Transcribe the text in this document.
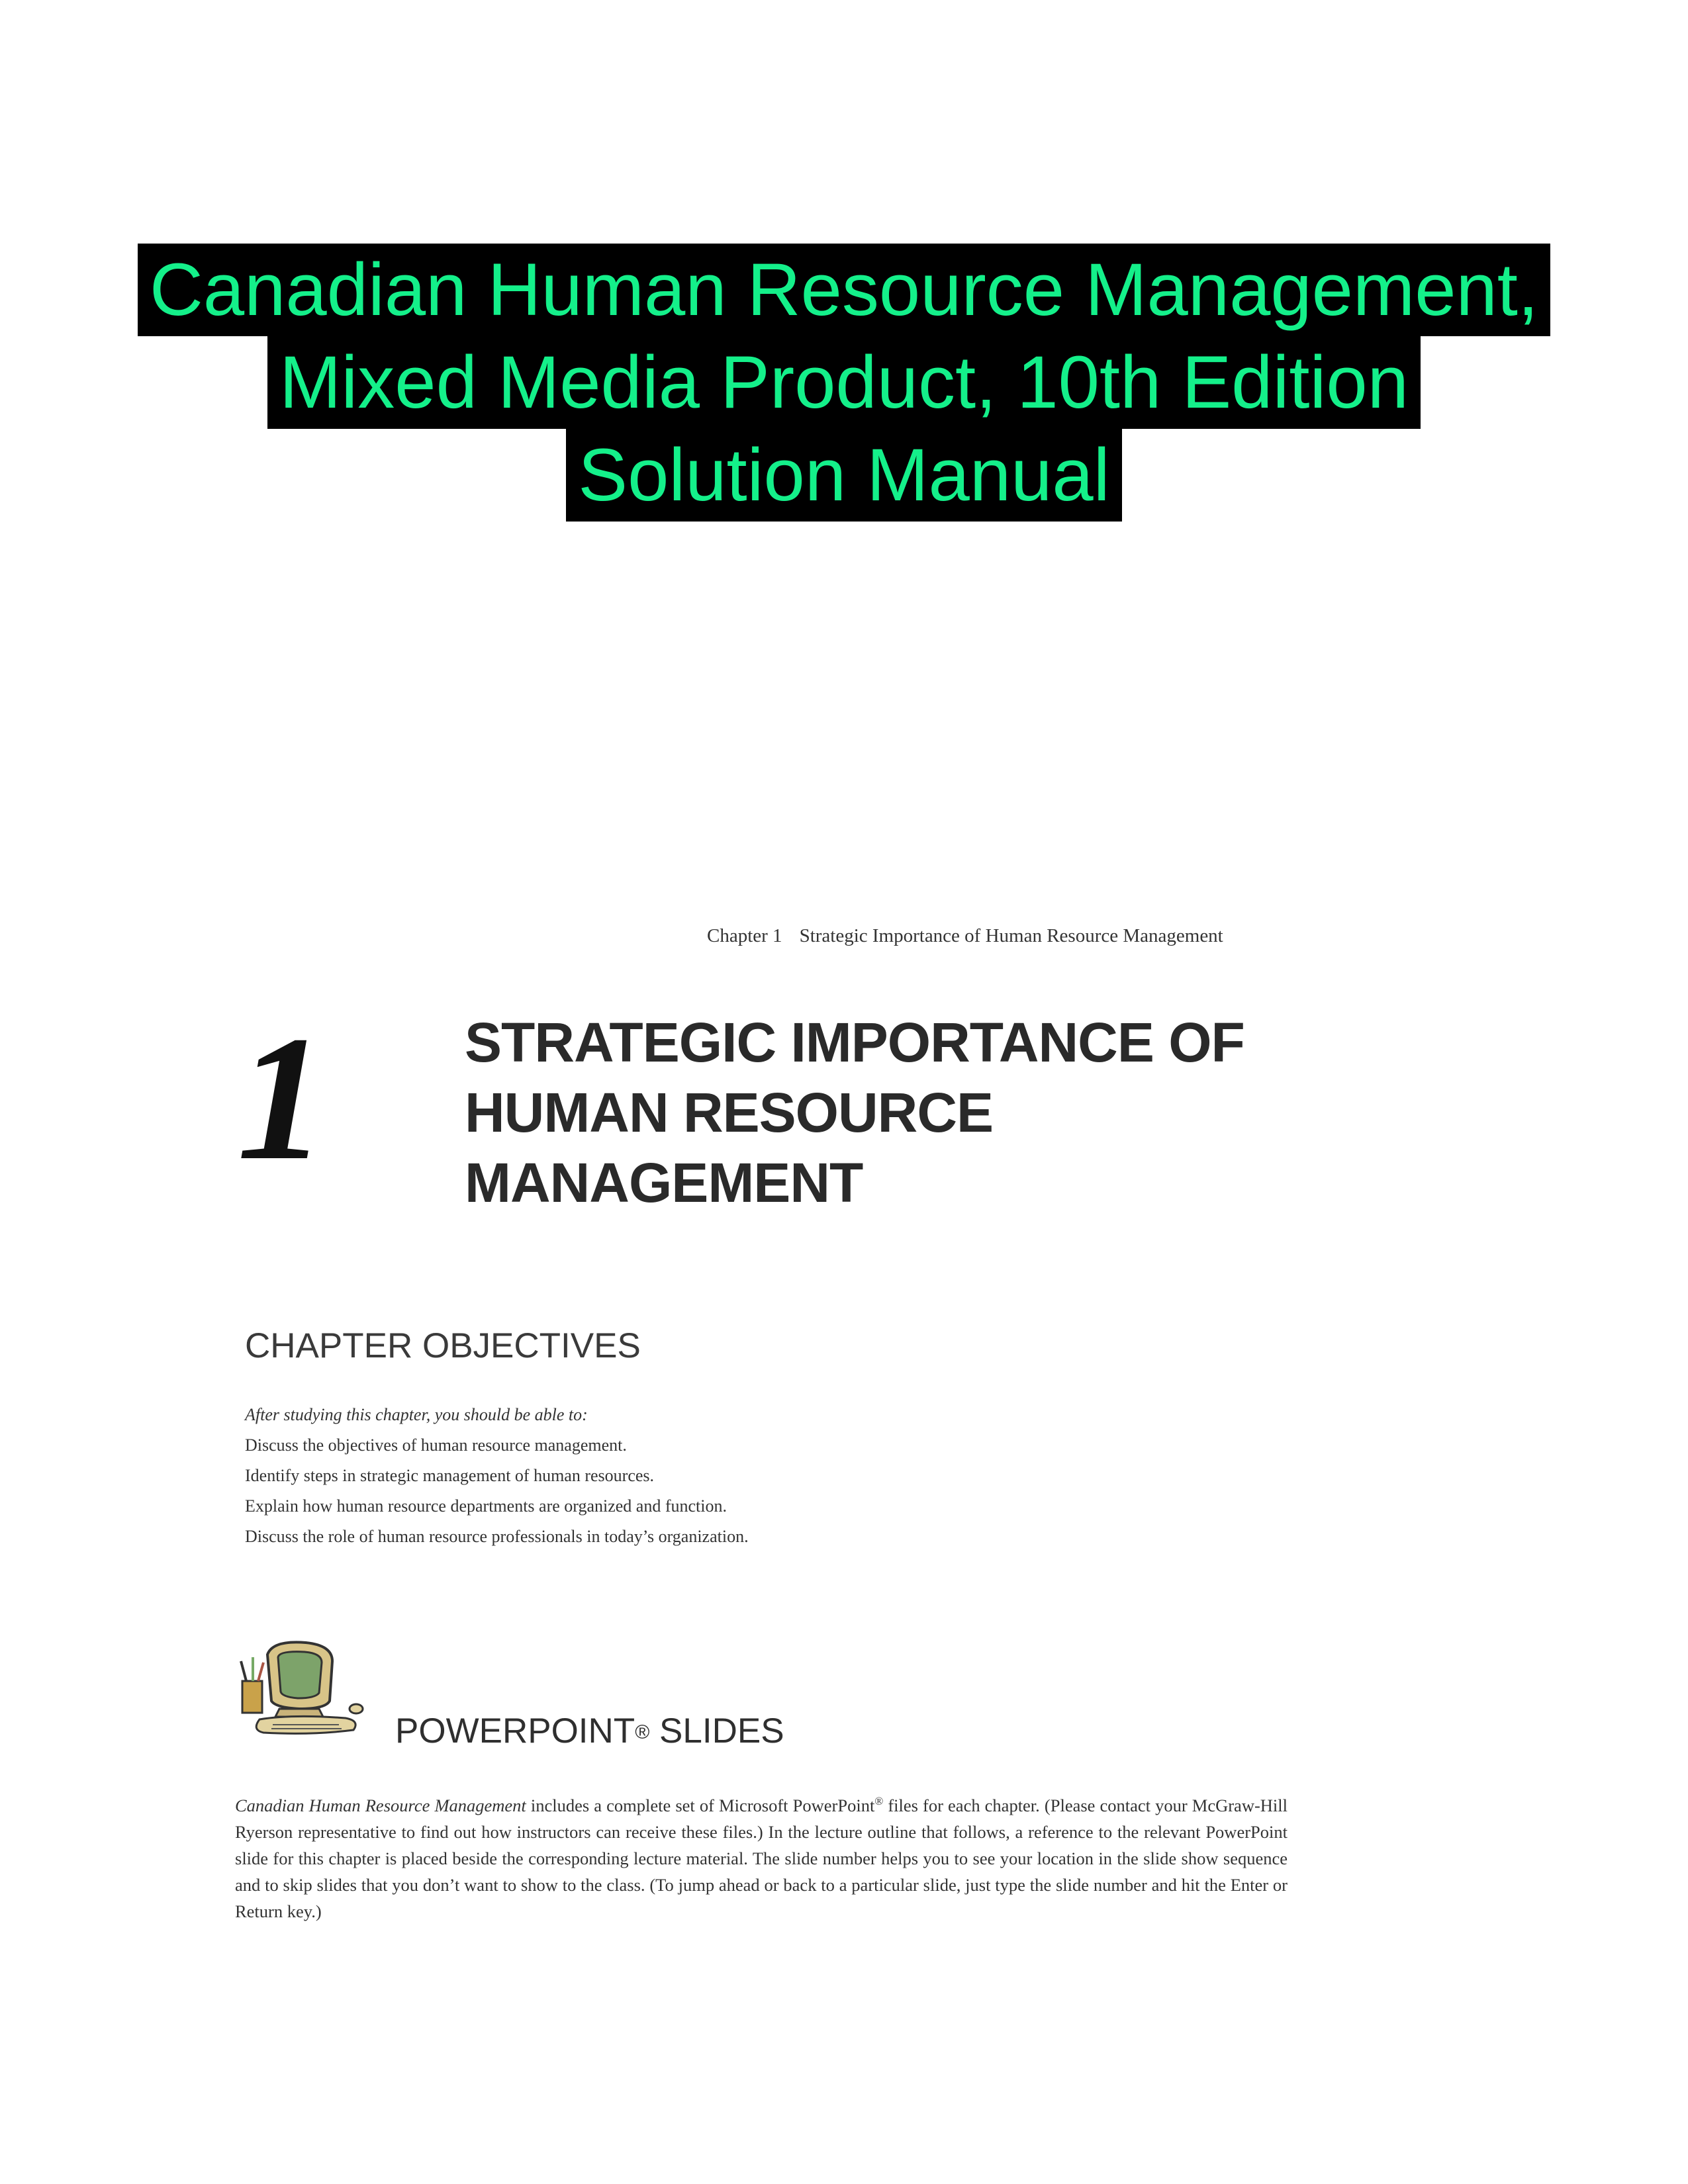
Canadian Human Resource Management,
Mixed Media Product, 10th Edition
Solution Manual
Chapter 1 Strategic Importance of Human Resource Management
1 STRATEGIC IMPORTANCE OF
HUMAN RESOURCE
MANAGEMENT
CHAPTER OBJECTIVES
After studying this chapter, you should be able to:
Discuss the objectives of human resource management.
Identify steps in strategic management of human resources.
Explain how human resource departments are organized and function.
Discuss the role of human resource professionals in today’s organization.
POWERPOINT® SLIDES
Canadian Human Resource Management includes a complete set of Microsoft PowerPoint® files for each chapter. (Please contact your McGraw-Hill Ryerson representative to find out how instructors can receive these files.) In the lecture outline that follows, a reference to the relevant PowerPoint slide for this chapter is placed beside the corresponding lecture material. The slide number helps you to see your location in the slide show sequence and to skip slides that you don’t want to show to the class. (To jump ahead or back to a particular slide, just type the slide number and hit the Enter or Return key.)
